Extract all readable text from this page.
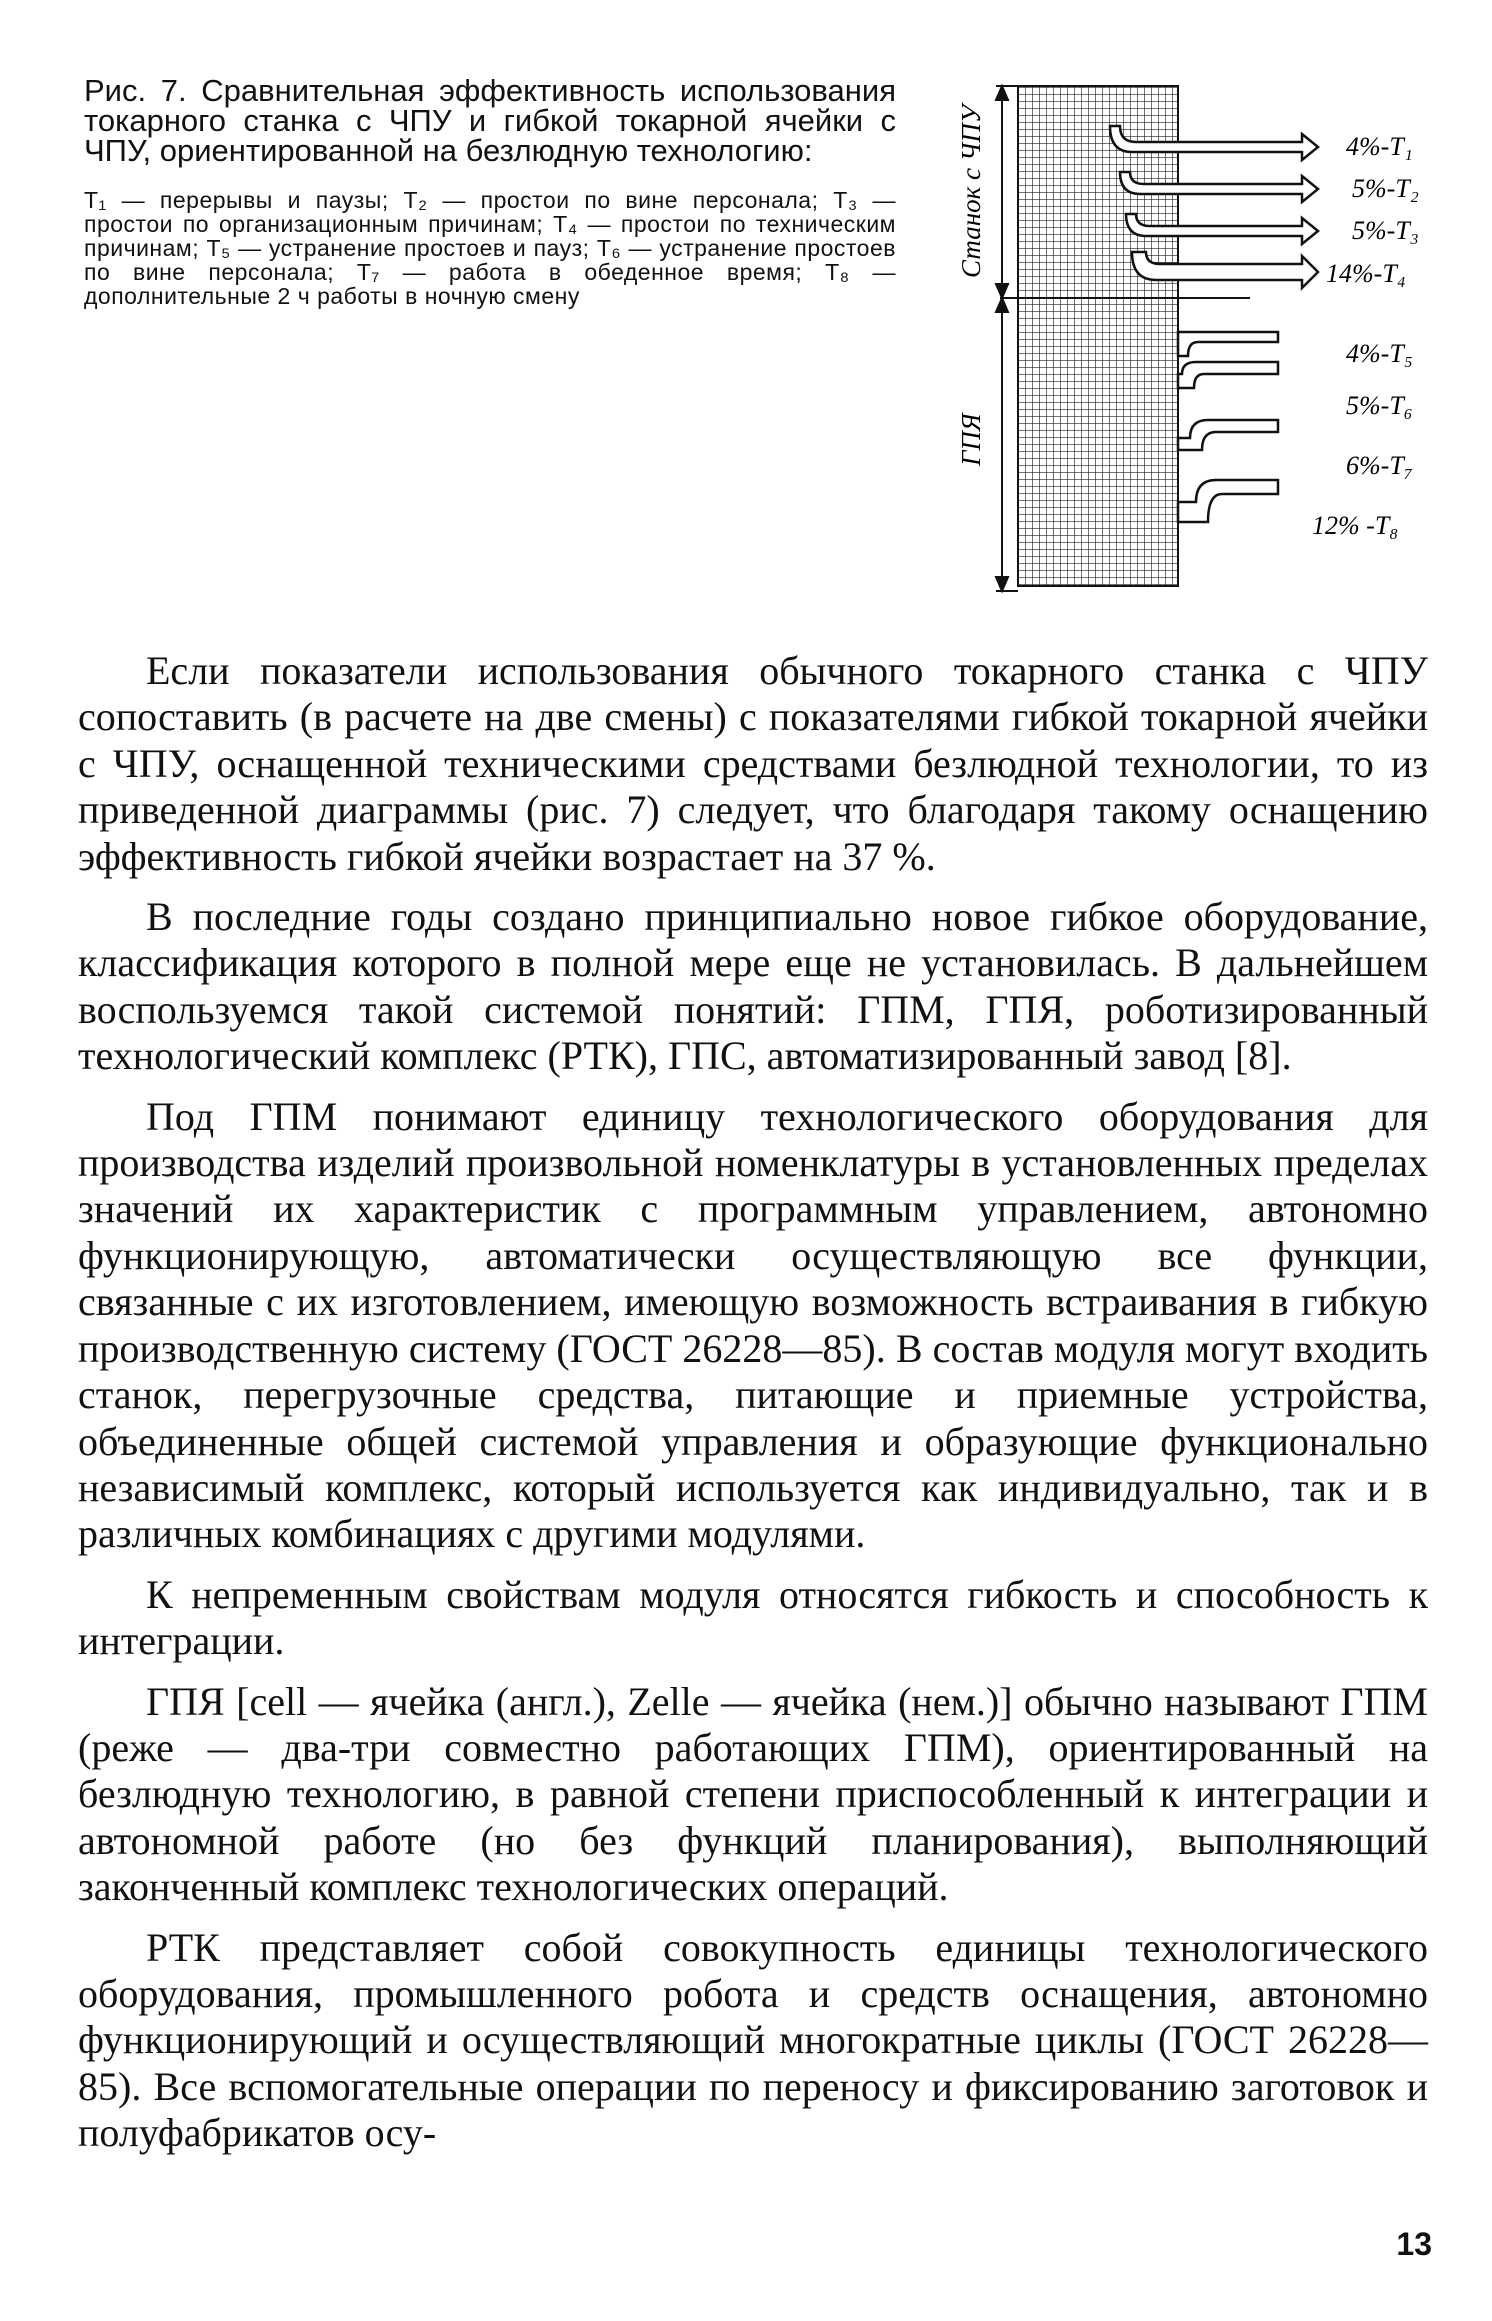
Рис. 7. Сравнительная эффективность использования токарного станка с ЧПУ и гибкой токарной ячейки с ЧПУ, ориентированной на безлюдную технологию:

T₁ — перерывы и паузы; T₂ — простои по вине персонала; T₃ — простои по организационным причинам; T₄ — простои по техническим причинам; T₅ — устранение простоев и пауз; T₆ — устранение простоев по вине персонала; T₇ — работа в обеденное время; T₈ — дополнительные 2 ч работы в ночную смену
Станок с ЧПУ
ГПЯ
4%-T₁
5%-T₂
5%-T₃
14%-T₄
4%-T₅
5%-T₆
6%-T₇
12% -T₈

Если показатели использования обычного токарного станка с ЧПУ сопоставить (в расчете на две смены) с показателями гибкой токарной ячейки с ЧПУ, оснащенной техническими средствами безлюдной технологии, то из приведенной диаграммы (рис. 7) следует, что благодаря такому оснащению эффективность гибкой ячейки возрастает на 37 %.

В последние годы создано принципиально новое гибкое оборудование, классификация которого в полной мере еще не установилась. В дальнейшем воспользуемся такой системой понятий: ГПМ, ГПЯ, роботизированный технологический комплекс (РТК), ГПС, автоматизированный завод [8].

Под ГПМ понимают единицу технологического оборудования для производства изделий произвольной номенклатуры в установленных пределах значений их характеристик с программным управлением, автономно функционирующую, автоматически осуществляющую все функции, связанные с их изготовлением, имеющую возможность встраивания в гибкую производственную систему (ГОСТ 26228—85). В состав модуля могут входить станок, перегрузочные средства, питающие и приемные устройства, объединенные общей системой управления и образующие функционально независимый комплекс, который используется как индивидуально, так и в различных комбинациях с другими модулями.

К непременным свойствам модуля относятся гибкость и способность к интеграции.

ГПЯ [cell — ячейка (англ.), Zelle — ячейка (нем.)] обычно называют ГПМ (реже — два-три совместно работающих ГПМ), ориентированный на безлюдную технологию, в равной степени приспособленный к интеграции и автономной работе (но без функций планирования), выполняющий законченный комплекс технологических операций.

РТК представляет собой совокупность единицы технологического оборудования, промышленного робота и средств оснащения, автономно функционирующий и осуществляющий многократные циклы (ГОСТ 26228—85). Все вспомогательные операции по переносу и фиксированию заготовок и полуфабрикатов осу-

13
